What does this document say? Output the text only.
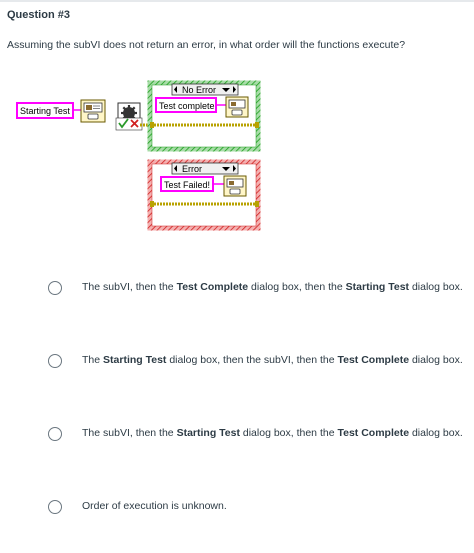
Question #3
Assuming the subVI does not return an error, in what order will the functions execute?
Starting Test
No Error
Test complete
Error
Test Failed!
The subVI, then the Test Complete dialog box, then the Starting Test dialog box.
The Starting Test dialog box, then the subVI, then the Test Complete dialog box.
The subVI, then the Starting Test dialog box, then the Test Complete dialog box.
Order of execution is unknown.
